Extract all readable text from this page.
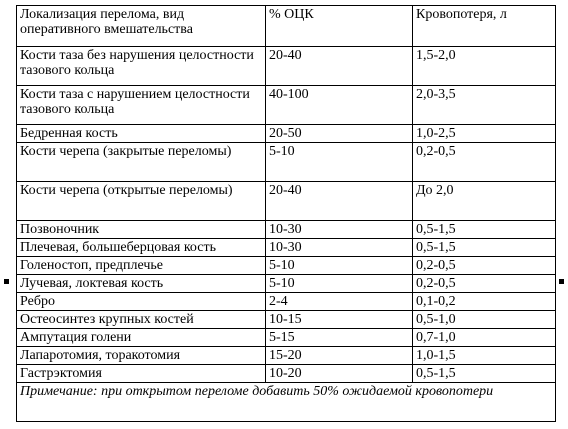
Локализация перелома, вид оперативного вмешательства	% ОЦК	Кровопотеря, л
Кости таза без нарушения целостности тазового кольца	20-40	1,5-2,0
Кости таза с нарушением целостности тазового кольца	40-100	2,0-3,5
Бедренная кость	20-50	1,0-2,5
Кости черепа (закрытые переломы)	5-10	0,2-0,5
Кости черепа (открытые переломы)	20-40	До 2,0
Позвоночник	10-30	0,5-1,5
Плечевая, большеберцовая кость	10-30	0,5-1,5
Голеностоп, предплечье	5-10	0,2-0,5
Лучевая, локтевая кость	5-10	0,2-0,5
Ребро	2-4	0,1-0,2
Остеосинтез крупных костей	10-15	0,5-1,0
Ампутация голени	5-15	0,7-1,0
Лапаротомия, торакотомия	15-20	1,0-1,5
Гастрэктомия	10-20	0,5-1,5
Примечание: при открытом переломе добавить 50% ожидаемой кровопотери		
